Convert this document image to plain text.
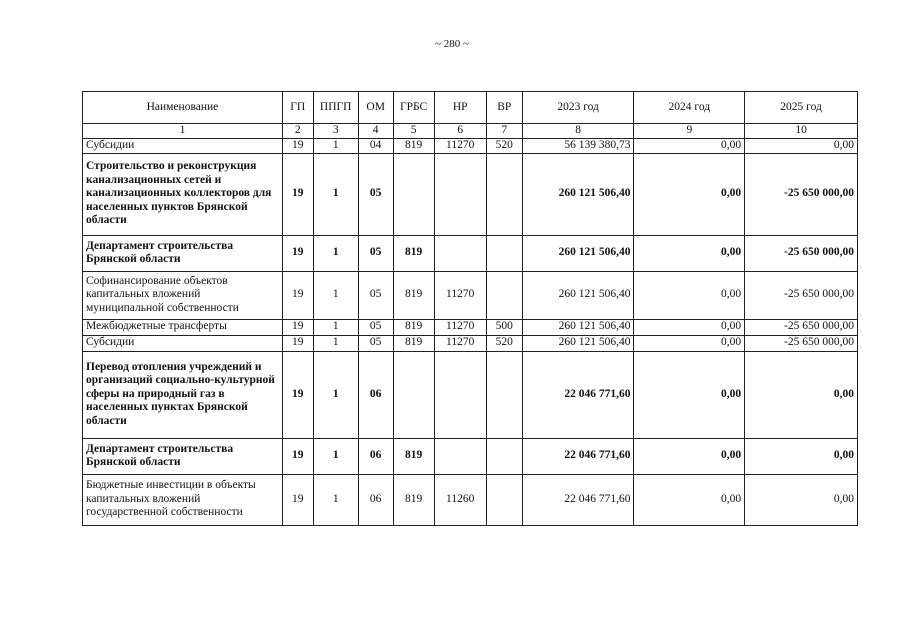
~ 280 ~
Наименование	ГП	ППГП	ОМ	ГРБС	НР	ВР	2023 год	2024 год	2025 год
1	2	3	4	5	6	7	8	9	10
Субсидии	19	1	04	819	11270	520	56 139 380,73	0,00	0,00
Строительство и реконструкция канализационных сетей и канализационных коллекторов для населенных пунктов Брянской области	19	1	05				260 121 506,40	0,00	-25 650 000,00
Департамент строительства Брянской области	19	1	05	819			260 121 506,40	0,00	-25 650 000,00
Софинансирование объектов капитальных вложений муниципальной собственности	19	1	05	819	11270		260 121 506,40	0,00	-25 650 000,00
Межбюджетные трансферты	19	1	05	819	11270	500	260 121 506,40	0,00	-25 650 000,00
Субсидии	19	1	05	819	11270	520	260 121 506,40	0,00	-25 650 000,00
Перевод отопления учреждений и организаций социально-культурной сферы на природный газ в населенных пунктах Брянской области	19	1	06				22 046 771,60	0,00	0,00
Департамент строительства Брянской области	19	1	06	819			22 046 771,60	0,00	0,00
Бюджетные инвестиции в объекты капитальных вложений государственной собственности	19	1	06	819	11260		22 046 771,60	0,00	0,00
